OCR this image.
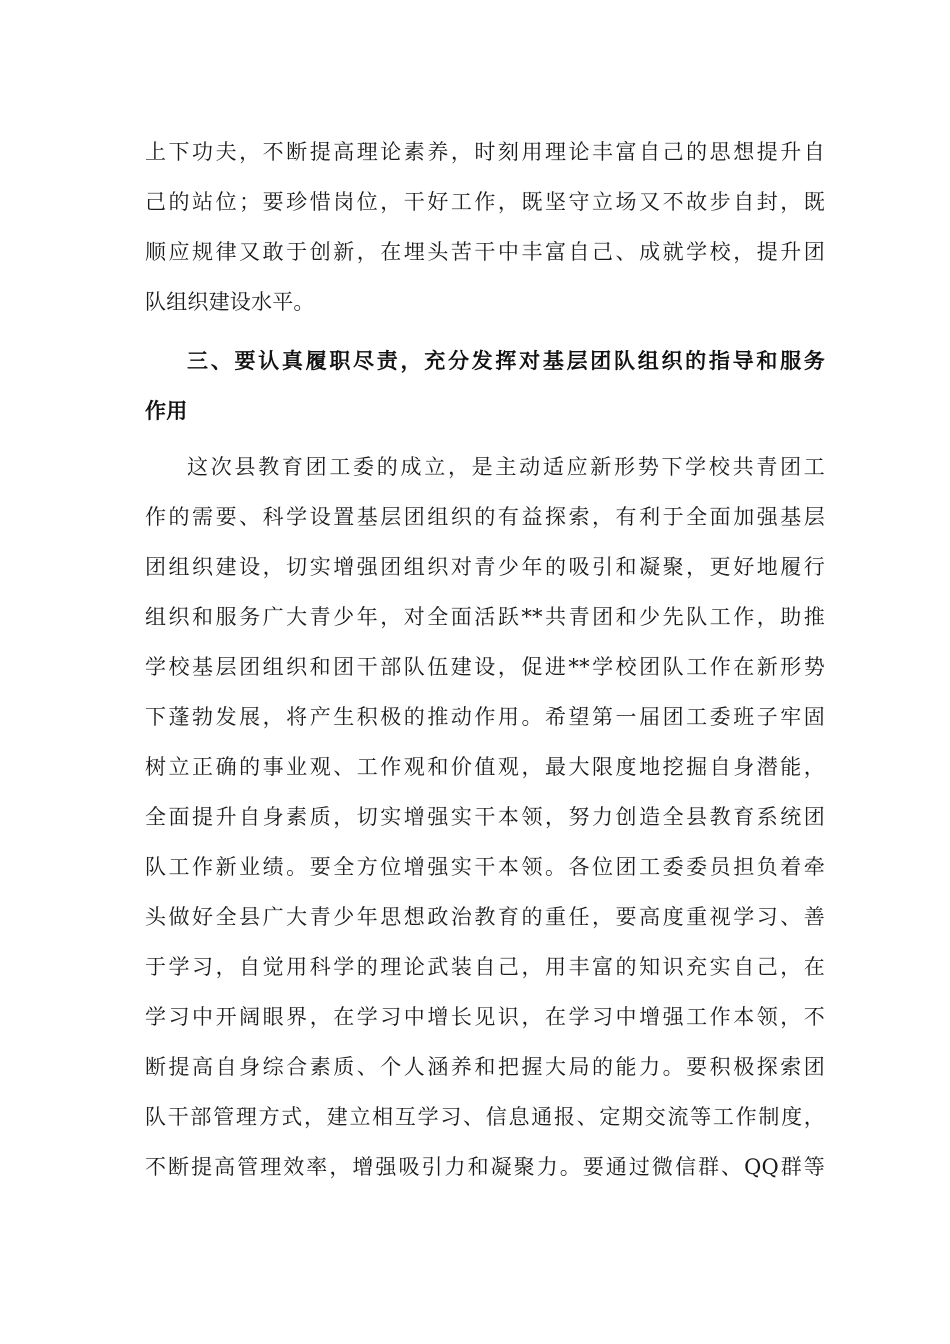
上下功夫，不断提高理论素养，时刻用理论丰富自己的思想提升自
己的站位；要珍惜岗位，干好工作，既坚守立场又不故步自封，既
顺应规律又敢于创新，在埋头苦干中丰富自己、成就学校，提升团
队组织建设水平。
三、要认真履职尽责，充分发挥对基层团队组织的指导和服务
作用
这次县教育团工委的成立，是主动适应新形势下学校共青团工
作的需要、科学设置基层团组织的有益探索，有利于全面加强基层
团组织建设，切实增强团组织对青少年的吸引和凝聚，更好地履行
组织和服务广大青少年，对全面活跃**共青团和少先队工作，助推
学校基层团组织和团干部队伍建设，促进**学校团队工作在新形势
下蓬勃发展，将产生积极的推动作用。希望第一届团工委班子牢固
树立正确的事业观、工作观和价值观，最大限度地挖掘自身潜能，
全面提升自身素质，切实增强实干本领，努力创造全县教育系统团
队工作新业绩。要全方位增强实干本领。各位团工委委员担负着牵
头做好全县广大青少年思想政治教育的重任，要高度重视学习、善
于学习，自觉用科学的理论武装自己，用丰富的知识充实自己，在
学习中开阔眼界，在学习中增长见识，在学习中增强工作本领，不
断提高自身综合素质、个人涵养和把握大局的能力。要积极探索团
队干部管理方式，建立相互学习、信息通报、定期交流等工作制度，
不断提高管理效率，增强吸引力和凝聚力。要通过微信群、QQ群等
